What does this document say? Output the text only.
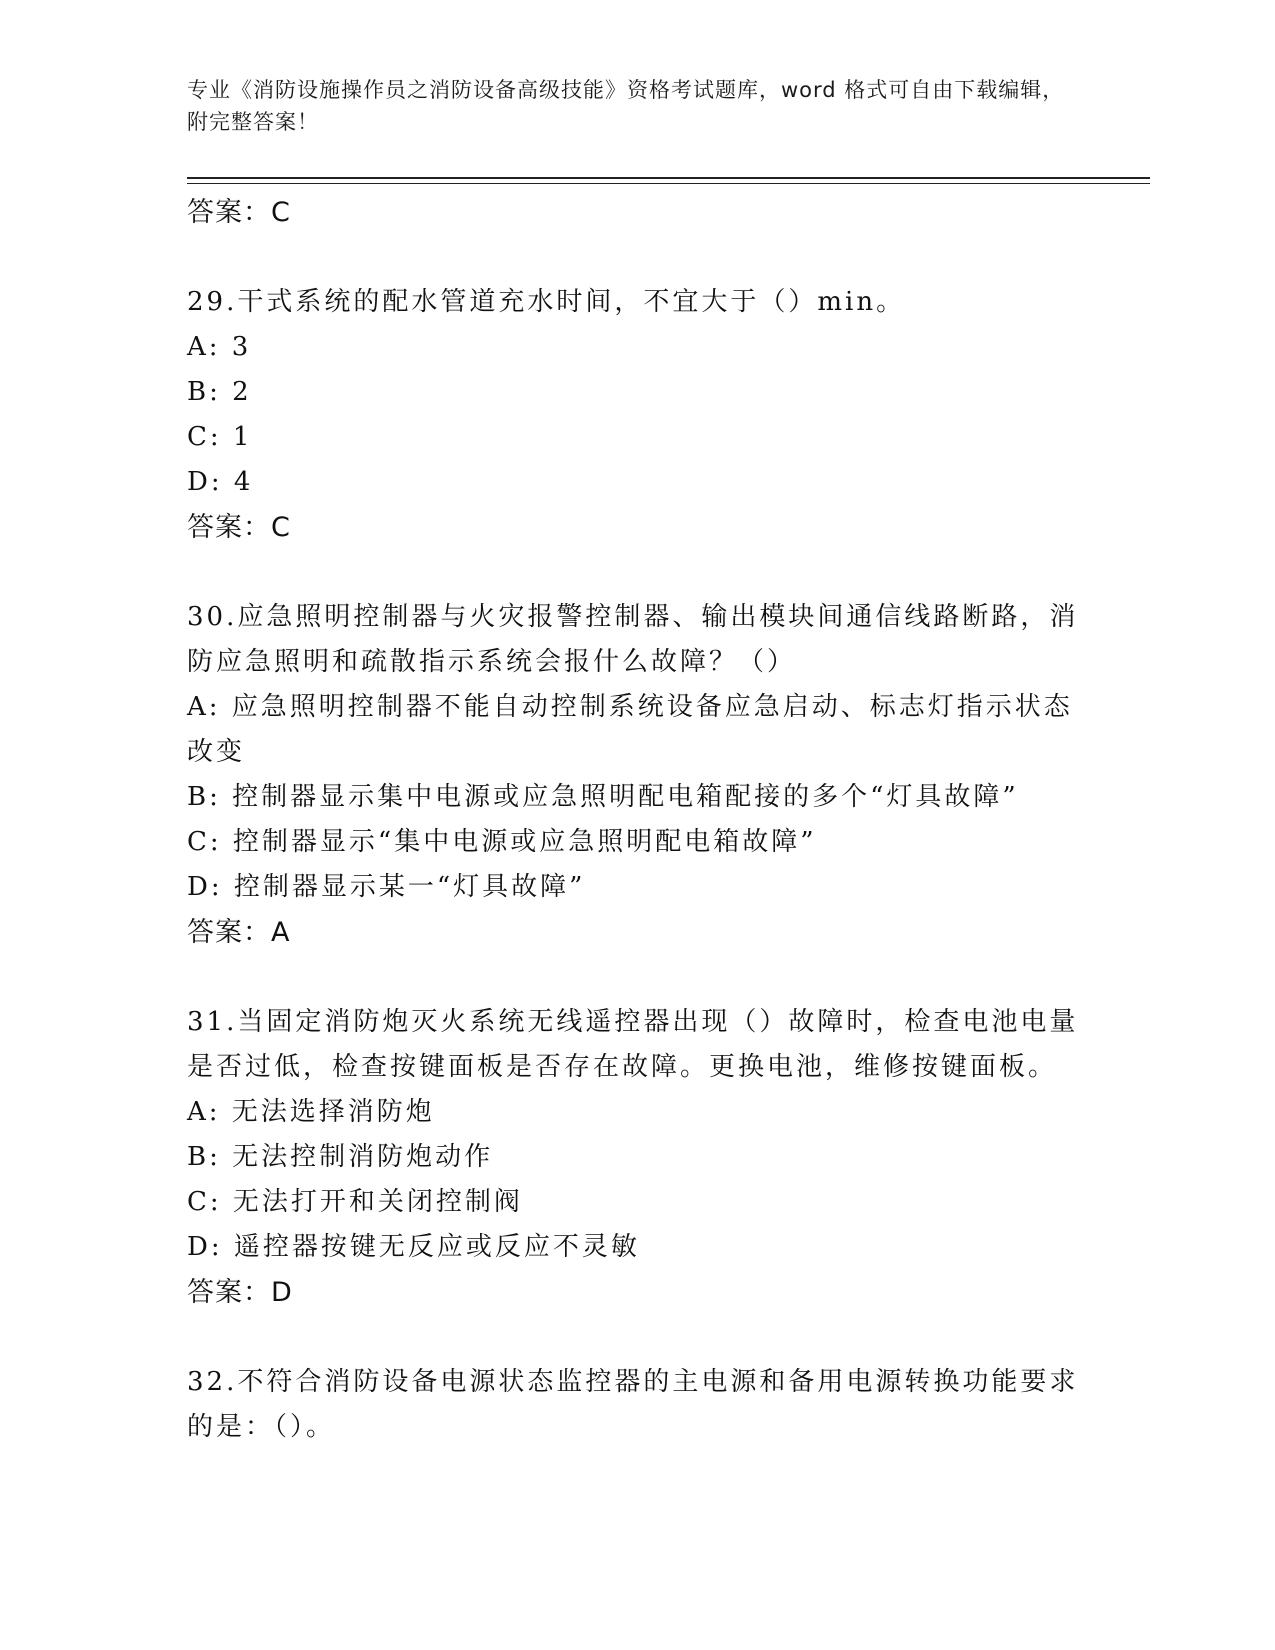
专业《消防设施操作员之消防设备高级技能》资格考试题库，word 格式可自由下载编辑，附完整答案！
答案：C
29.干式系统的配水管道充水时间，不宜大于（）min。
A: 3
B: 2
C: 1
D: 4
答案：C
30.应急照明控制器与火灾报警控制器、输出模块间通信线路断路，消
防应急照明和疏散指示系统会报什么故障？（）
A: 应急照明控制器不能自动控制系统设备应急启动、标志灯指示状态
改变
B: 控制器显示集中电源或应急照明配电箱配接的多个“灯具故障”
C: 控制器显示“集中电源或应急照明配电箱故障”
D: 控制器显示某一“灯具故障”
答案：A
31.当固定消防炮灭火系统无线遥控器出现（）故障时，检查电池电量
是否过低，检查按键面板是否存在故障。更换电池，维修按键面板。
A: 无法选择消防炮
B: 无法控制消防炮动作
C: 无法打开和关闭控制阀
D: 遥控器按键无反应或反应不灵敏
答案：D
32.不符合消防设备电源状态监控器的主电源和备用电源转换功能要求
的是：（）。
